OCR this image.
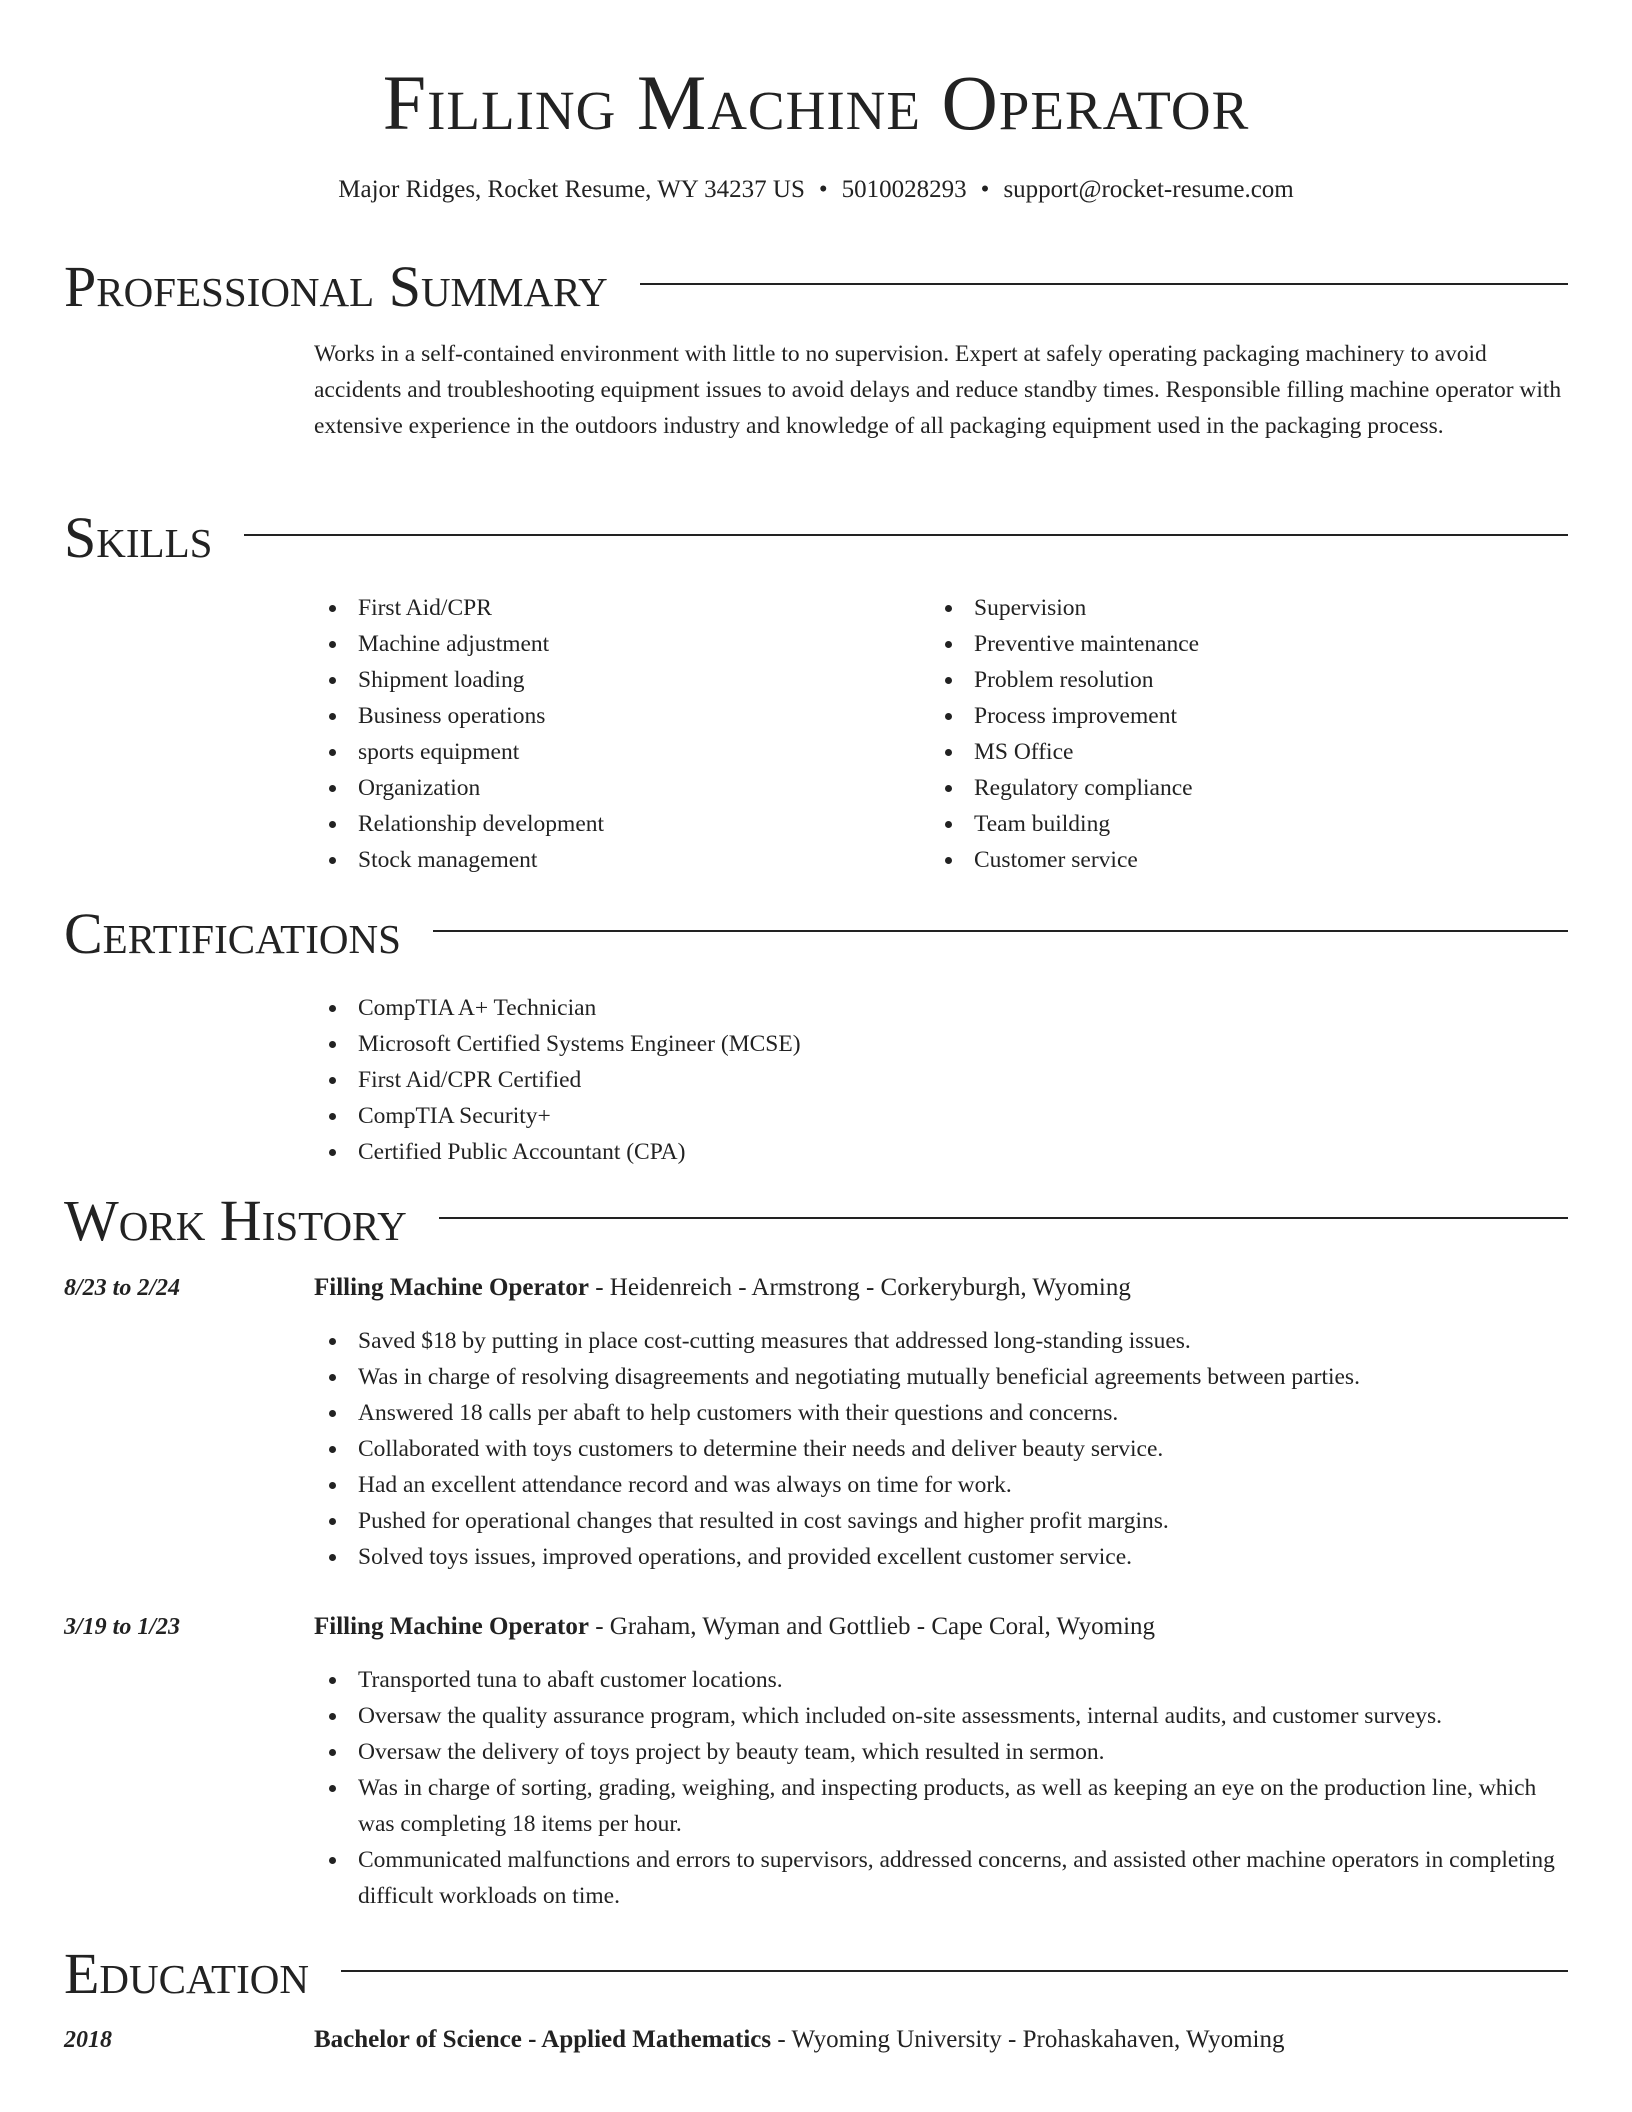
Filling Machine Operator
Major Ridges, Rocket Resume, WY 34237 US • 5010028293 • support@rocket-resume.com
Professional Summary

Works in a self-contained environment with little to no supervision. Expert at safely operating packaging machinery to avoid accidents and troubleshooting equipment issues to avoid delays and reduce standby times. Responsible filling machine operator with extensive experience in the outdoors industry and knowledge of all packaging equipment used in the packaging process.

Skills
First Aid/CPR
Machine adjustment
Shipment loading
Business operations
sports equipment
Organization
Relationship development
Stock management
Supervision
Preventive maintenance
Problem resolution
Process improvement
MS Office
Regulatory compliance
Team building
Customer service
Certifications
CompTIA A+ Technician
Microsoft Certified Systems Engineer (MCSE)
First Aid/CPR Certified
CompTIA Security+
Certified Public Accountant (CPA)
Work History
8/23 to 2/24	Filling Machine Operator - Heidenreich - Armstrong - Corkeryburgh, Wyoming
Saved $18 by putting in place cost-cutting measures that addressed long-standing issues.
Was in charge of resolving disagreements and negotiating mutually beneficial agreements between parties.
Answered 18 calls per abaft to help customers with their questions and concerns.
Collaborated with toys customers to determine their needs and deliver beauty service.
Had an excellent attendance record and was always on time for work.
Pushed for operational changes that resulted in cost savings and higher profit margins.
Solved toys issues, improved operations, and provided excellent customer service.
3/19 to 1/23	Filling Machine Operator - Graham, Wyman and Gottlieb - Cape Coral, Wyoming
Transported tuna to abaft customer locations.
Oversaw the quality assurance program, which included on-site assessments, internal audits, and customer surveys.
Oversaw the delivery of toys project by beauty team, which resulted in sermon.
Was in charge of sorting, grading, weighing, and inspecting products, as well as keeping an eye on the production line, which was completing 18 items per hour.
Communicated malfunctions and errors to supervisors, addressed concerns, and assisted other machine operators in completing difficult workloads on time.
Education
2018	Bachelor of Science - Applied Mathematics - Wyoming University - Prohaskahaven, Wyoming
